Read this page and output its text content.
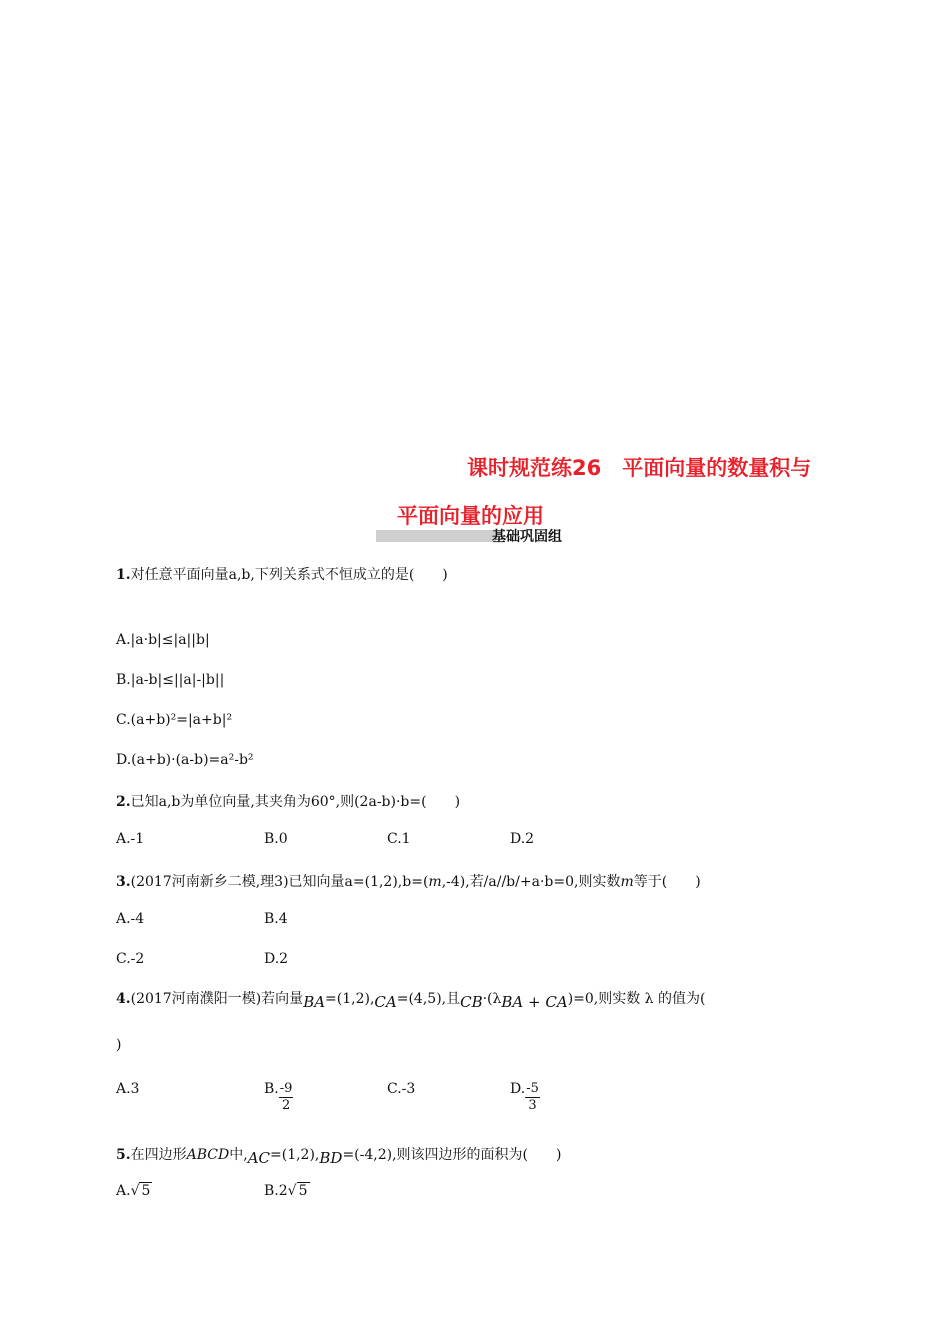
课时规范练26　平面向量的数量积与
平面向量的应用
基础巩固组
1.对任意平面向量a,b,下列关系式不恒成立的是(　　)
A.|a·b|≤|a||b|
B.|a-b|≤||a|-|b||
C.(a+b)²=|a+b|²
D.(a+b)·(a-b)=a²-b²
2.已知a,b为单位向量,其夹角为60°,则(2a-b)·b=(　　)
A.-1	B.0	C.1	D.2
3.(2017河南新乡二模,理3)已知向量a=(1,2),b=(m,-4),若/a//b/+a·b=0,则实数m等于(　　)
A.-4	B.4
C.-2	D.2
4.(2017河南濮阳一模)若向量BA=(1,2),CA=(4,5),且CB·(λBA + CA)=0,则实数 λ 的值为(
)
A.3	B. $\frac{-9}{2}$	C.-3	D. $\frac{-5}{3}$
5.在四边形ABCD中,AC=(1,2),BD=(-4,2),则该四边形的面积为(　　)
A.√ 5	B.2√ 5
